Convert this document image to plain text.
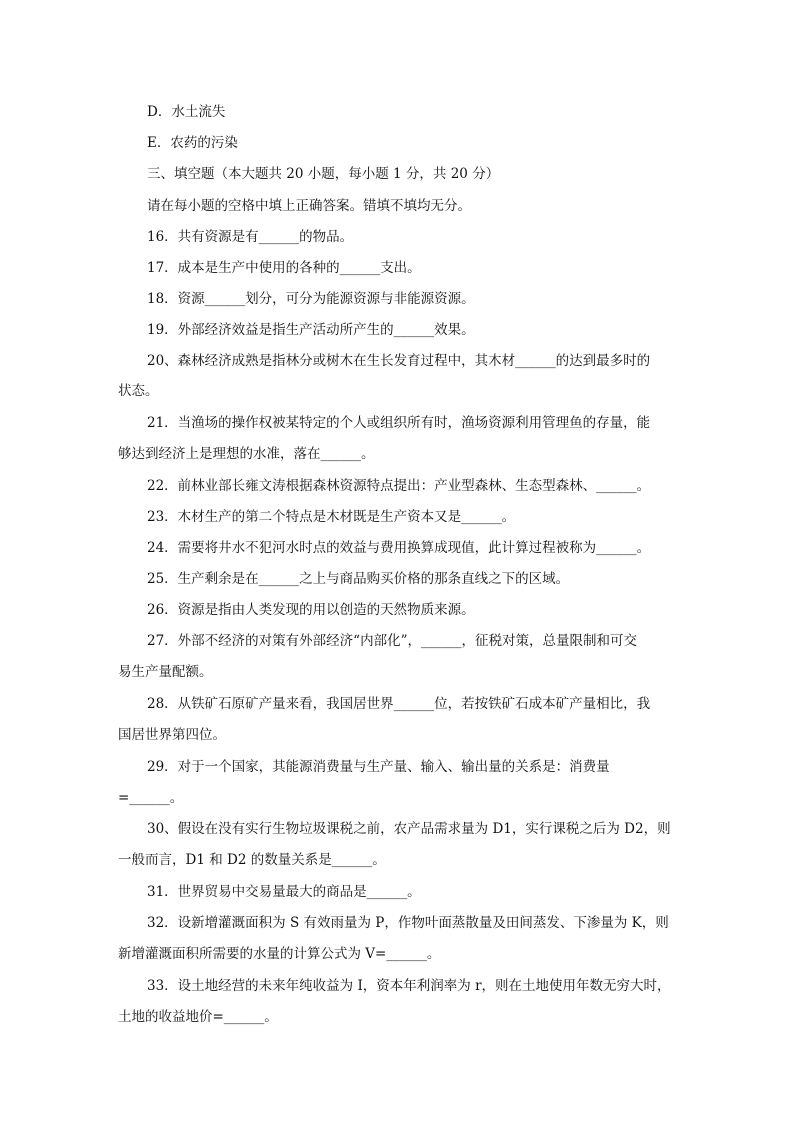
D．水土流失
E．农药的污染
三、填空题（本大题共 20 小题，每小题 1 分，共 20 分）
请在每小题的空格中填上正确答案。错填不填均无分。
16．共有资源是有______的物品。
17．成本是生产中使用的各种的______支出。
18．资源______划分，可分为能源资源与非能源资源。
19．外部经济效益是指生产活动所产生的______效果。
20、森林经济成熟是指林分或树木在生长发育过程中，其木材______的达到最多时的
状态。
21．当渔场的操作权被某特定的个人或组织所有时，渔场资源利用管理鱼的存量，能
够达到经济上是理想的水准，落在______。
22．前林业部长雍文涛根据森林资源特点提出：产业型森林、生态型森林、______。
23．木材生产的第二个特点是木材既是生产资本又是______。
24．需要将井水不犯河水时点的效益与费用换算成现值，此计算过程被称为______。
25．生产剩余是在______之上与商品购买价格的那条直线之下的区域。
26．资源是指由人类发现的用以创造的天然物质来源。
27．外部不经济的对策有外部经济“内部化”，______，征税对策，总量限制和可交
易生产量配额。
28．从铁矿石原矿产量来看，我国居世界______位，若按铁矿石成本矿产量相比，我
国居世界第四位。
29．对于一个国家，其能源消费量与生产量、输入、输出量的关系是：消费量
=______。
30、假设在没有实行生物垃圾课税之前，农产品需求量为 D1，实行课税之后为 D2，则
一般而言，D1 和 D2 的数量关系是______。
31．世界贸易中交易量最大的商品是______。
32．设新增灌溉面积为 S 有效雨量为 P，作物叶面蒸散量及田间蒸发、下渗量为 K，则
新增灌溉面积所需要的水量的计算公式为 V=______。
33．设土地经营的未来年纯收益为 I，资本年利润率为 r，则在土地使用年数无穷大时，
土地的收益地价=______。
